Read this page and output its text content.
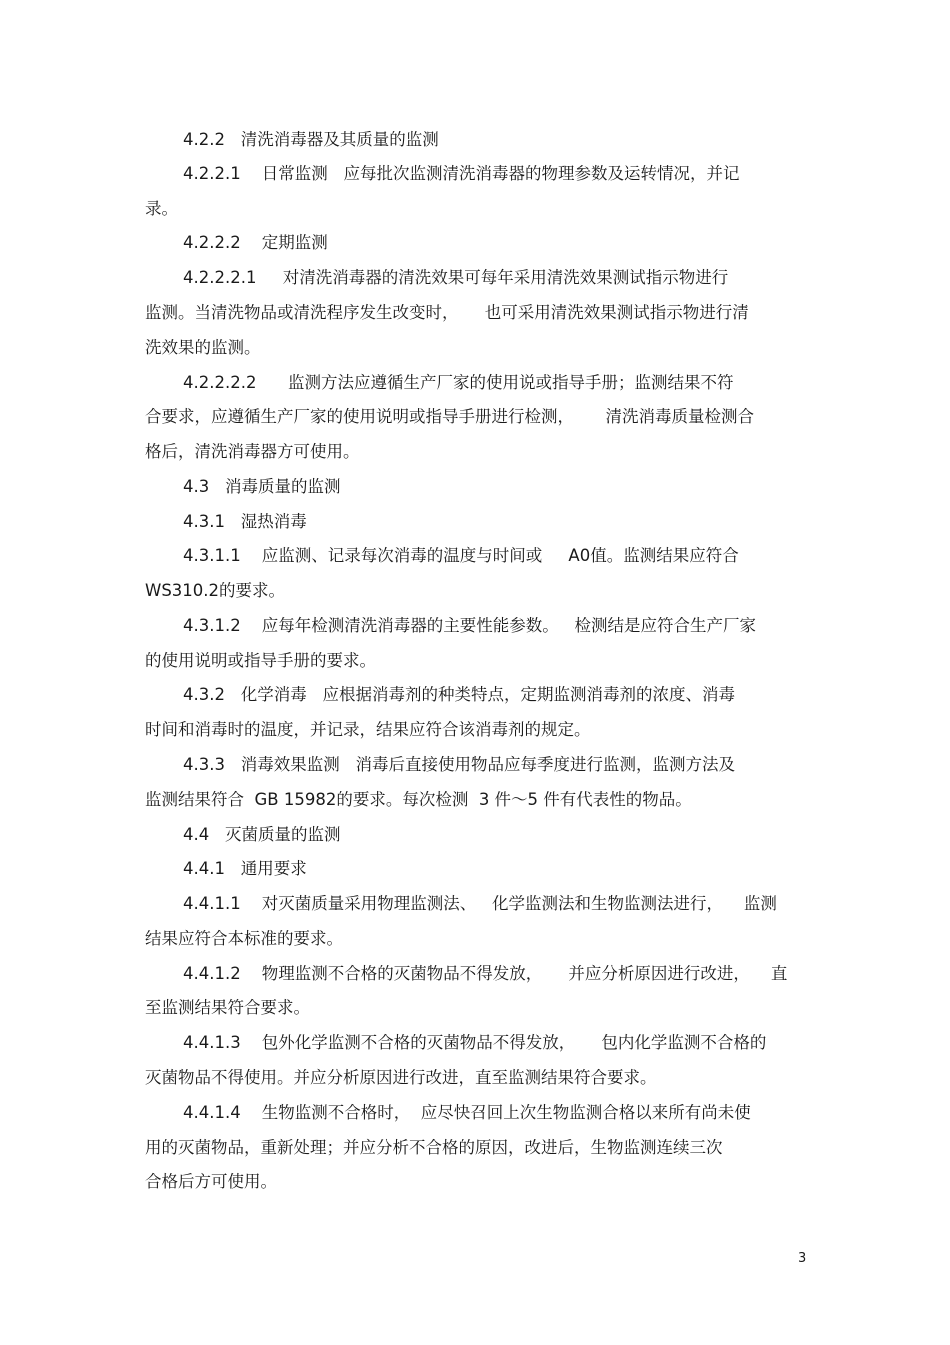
4.2.2   清洗消毒器及其质量的监测
4.2.2.1    日常监测   应每批次监测清洗消毒器的物理参数及运转情况，并记
录。
4.2.2.2    定期监测
4.2.2.2.1     对清洗消毒器的清洗效果可每年采用清洗效果测试指示物进行
监测。当清洗物品或清洗程序发生改变时，     也可采用清洗效果测试指示物进行清
洗效果的监测。
4.2.2.2.2      监测方法应遵循生产厂家的使用说或指导手册；监测结果不符
合要求，应遵循生产厂家的使用说明或指导手册进行检测，      清洗消毒质量检测合
格后，清洗消毒器方可使用。
4.3   消毒质量的监测
4.3.1   湿热消毒
4.3.1.1    应监测、记录每次消毒的温度与时间或     A0值。监测结果应符合
WS310.2的要求。
4.3.1.2    应每年检测清洗消毒器的主要性能参数。   检测结是应符合生产厂家
的使用说明或指导手册的要求。
4.3.2   化学消毒   应根据消毒剂的种类特点，定期监测消毒剂的浓度、消毒
时间和消毒时的温度，并记录，结果应符合该消毒剂的规定。
4.3.3   消毒效果监测   消毒后直接使用物品应每季度进行监测，监测方法及
监测结果符合  GB 15982的要求。每次检测  3 件～5 件有代表性的物品。
4.4   灭菌质量的监测
4.4.1   通用要求
4.4.1.1    对灭菌质量采用物理监测法、   化学监测法和生物监测法进行，    监测
结果应符合本标准的要求。
4.4.1.2    物理监测不合格的灭菌物品不得发放，     并应分析原因进行改进，    直
至监测结果符合要求。
4.4.1.3    包外化学监测不合格的灭菌物品不得发放，     包内化学监测不合格的
灭菌物品不得使用。并应分析原因进行改进，直至监测结果符合要求。
4.4.1.4    生物监测不合格时，  应尽快召回上次生物监测合格以来所有尚未使
用的灭菌物品，重新处理；并应分析不合格的原因，改进后，生物监测连续三次
合格后方可使用。
3
